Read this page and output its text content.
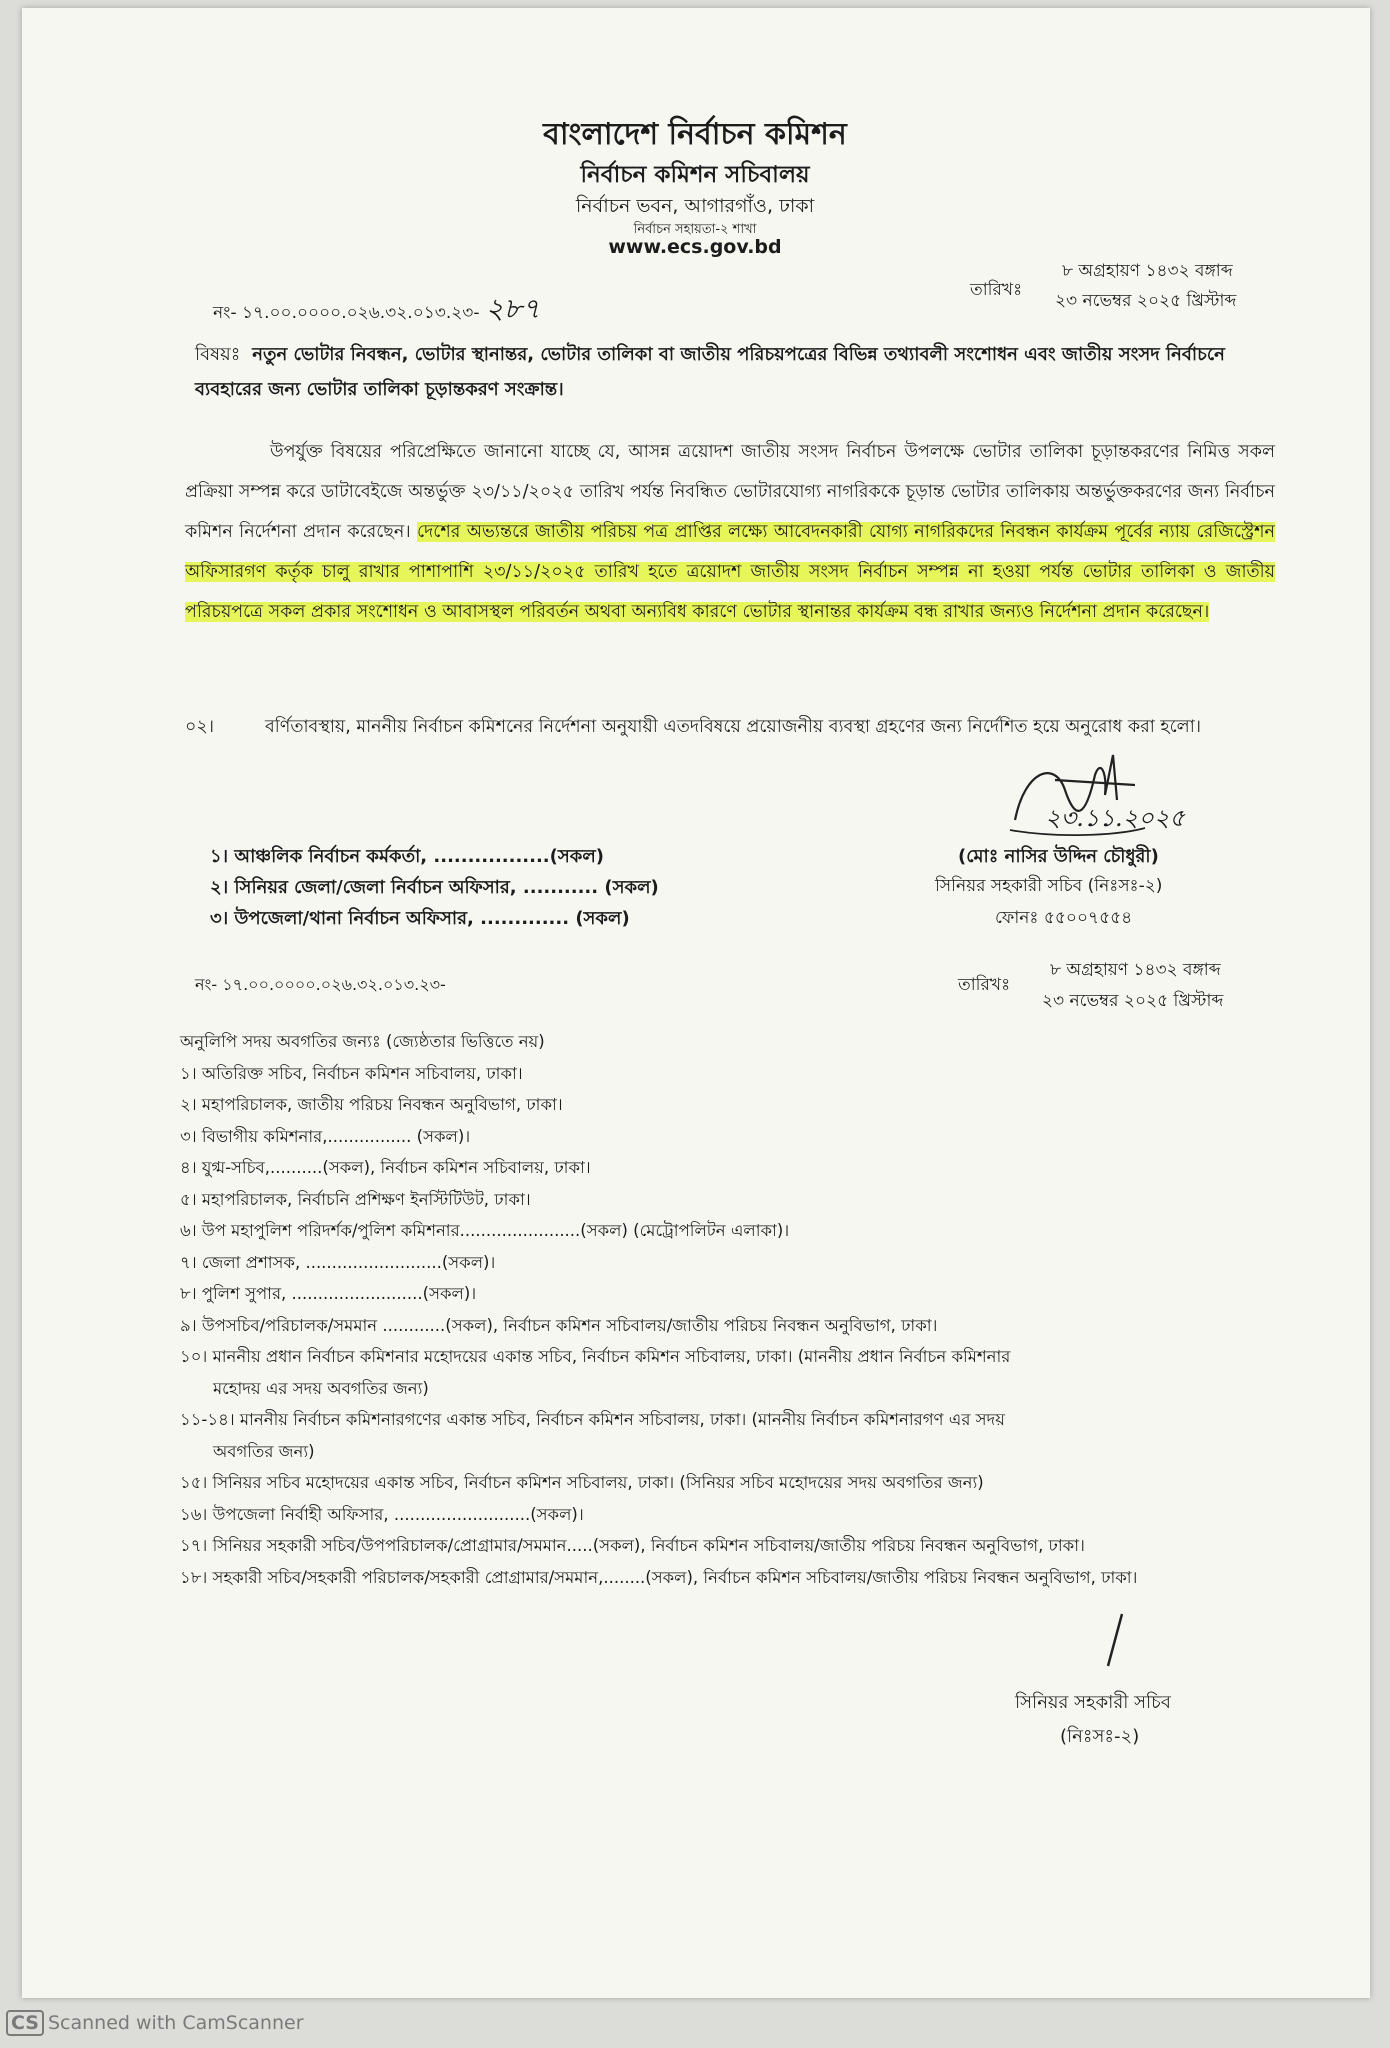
বাংলাদেশ নির্বাচন কমিশন
নির্বাচন কমিশন সচিবালয়
নির্বাচন ভবন, আগারগাঁও, ঢাকা
নির্বাচন সহায়তা-২ শাখা
www.ecs.gov.bd
নং- ১৭.০০.০০০০.০২৬.৩২.০১৩.২৩- ২৮৭
তারিখঃ
৮ অগ্রহায়ণ ১৪৩২ বঙ্গাব্দ
২৩ নভেম্বর ২০২৫ খ্রিস্টাব্দ
বিষয়ঃ নতুন ভোটার নিবন্ধন, ভোটার স্থানান্তর, ভোটার তালিকা বা জাতীয় পরিচয়পত্রের বিভিন্ন তথ্যাবলী সংশোধন এবং জাতীয় সংসদ নির্বাচনে ব্যবহারের জন্য ভোটার তালিকা চূড়ান্তকরণ সংক্রান্ত।
উপর্যুক্ত বিষয়ের পরিপ্রেক্ষিতে জানানো যাচ্ছে যে, আসন্ন ত্রয়োদশ জাতীয় সংসদ নির্বাচন উপলক্ষে ভোটার তালিকা চূড়ান্তকরণের নিমিত্ত সকল প্রক্রিয়া সম্পন্ন করে ডাটাবেইজে অন্তর্ভুক্ত ২৩/১১/২০২৫ তারিখ পর্যন্ত নিবন্ধিত ভোটারযোগ্য নাগরিককে চূড়ান্ত ভোটার তালিকায় অন্তর্ভুক্তকরণের জন্য নির্বাচন কমিশন নির্দেশনা প্রদান করেছেন। দেশের অভ্যন্তরে জাতীয় পরিচয় পত্র প্রাপ্তির লক্ষ্যে আবেদনকারী যোগ্য নাগরিকদের নিবন্ধন কার্যক্রম পূর্বের ন্যায় রেজিস্ট্রেশন অফিসারগণ কর্তৃক চালু রাখার পাশাপাশি ২৩/১১/২০২৫ তারিখ হতে ত্রয়োদশ জাতীয় সংসদ নির্বাচন সম্পন্ন না হওয়া পর্যন্ত ভোটার তালিকা ও জাতীয় পরিচয়পত্রে সকল প্রকার সংশোধন ও আবাসস্থল পরিবর্তন অথবা অন্যবিধ কারণে ভোটার স্থানান্তর কার্যক্রম বন্ধ রাখার জন্যও নির্দেশনা প্রদান করেছেন।
০২।	বর্ণিতাবস্থায়, মাননীয় নির্বাচন কমিশনের নির্দেশনা অনুযায়ী এতদবিষয়ে প্রয়োজনীয় ব্যবস্থা গ্রহণের জন্য নির্দেশিত হয়ে অনুরোধ করা হলো।
২৩.১১.২০২৫
(মোঃ নাসির উদ্দিন চৌধুরী)
সিনিয়র সহকারী সচিব (নিঃসঃ-২)
ফোনঃ ৫৫০০৭৫৫৪
১। আঞ্চলিক নির্বাচন কর্মকর্তা, .................(সকল)
২। সিনিয়র জেলা/জেলা নির্বাচন অফিসার, ........... (সকল)
৩। উপজেলা/থানা নির্বাচন অফিসার, ............. (সকল)
নং- ১৭.০০.০০০০.০২৬.৩২.০১৩.২৩-	তারিখঃ
৮ অগ্রহায়ণ ১৪৩২ বঙ্গাব্দ
২৩ নভেম্বর ২০২৫ খ্রিস্টাব্দ
অনুলিপি সদয় অবগতির জন্যঃ (জ্যেষ্ঠতার ভিত্তিতে নয়)
১। অতিরিক্ত সচিব, নির্বাচন কমিশন সচিবালয়, ঢাকা।
২। মহাপরিচালক, জাতীয় পরিচয় নিবন্ধন অনুবিভাগ, ঢাকা।
৩। বিভাগীয় কমিশনার,................ (সকল)।
৪। যুগ্ম-সচিব,..........(সকল), নির্বাচন কমিশন সচিবালয়, ঢাকা।
৫। মহাপরিচালক, নির্বাচনি প্রশিক্ষণ ইনস্টিটিউট, ঢাকা।
৬। উপ মহাপুলিশ পরিদর্শক/পুলিশ কমিশনার.......................(সকল) (মেট্রোপলিটন এলাকা)।
৭। জেলা প্রশাসক, ..........................(সকল)।
৮। পুলিশ সুপার, .........................(সকল)।
৯। উপসচিব/পরিচালক/সমমান ............(সকল), নির্বাচন কমিশন সচিবালয়/জাতীয় পরিচয় নিবন্ধন অনুবিভাগ, ঢাকা।
১০। মাননীয় প্রধান নির্বাচন কমিশনার মহোদয়ের একান্ত সচিব, নির্বাচন কমিশন সচিবালয়, ঢাকা। (মাননীয় প্রধান নির্বাচন কমিশনার
মহোদয় এর সদয় অবগতির জন্য)
১১-১৪। মাননীয় নির্বাচন কমিশনারগণের একান্ত সচিব, নির্বাচন কমিশন সচিবালয়, ঢাকা। (মাননীয় নির্বাচন কমিশনারগণ এর সদয়
অবগতির জন্য)
১৫। সিনিয়র সচিব মহোদয়ের একান্ত সচিব, নির্বাচন কমিশন সচিবালয়, ঢাকা। (সিনিয়র সচিব মহোদয়ের সদয় অবগতির জন্য)
১৬। উপজেলা নির্বাহী অফিসার, ..........................(সকল)।
১৭। সিনিয়র সহকারী সচিব/উপপরিচালক/প্রোগ্রামার/সমমান.....(সকল), নির্বাচন কমিশন সচিবালয়/জাতীয় পরিচয় নিবন্ধন অনুবিভাগ, ঢাকা।
১৮। সহকারী সচিব/সহকারী পরিচালক/সহকারী প্রোগ্রামার/সমমান,........(সকল), নির্বাচন কমিশন সচিবালয়/জাতীয় পরিচয় নিবন্ধন অনুবিভাগ, ঢাকা।
সিনিয়র সহকারী সচিব
(নিঃসঃ-২)
CS Scanned with CamScanner
